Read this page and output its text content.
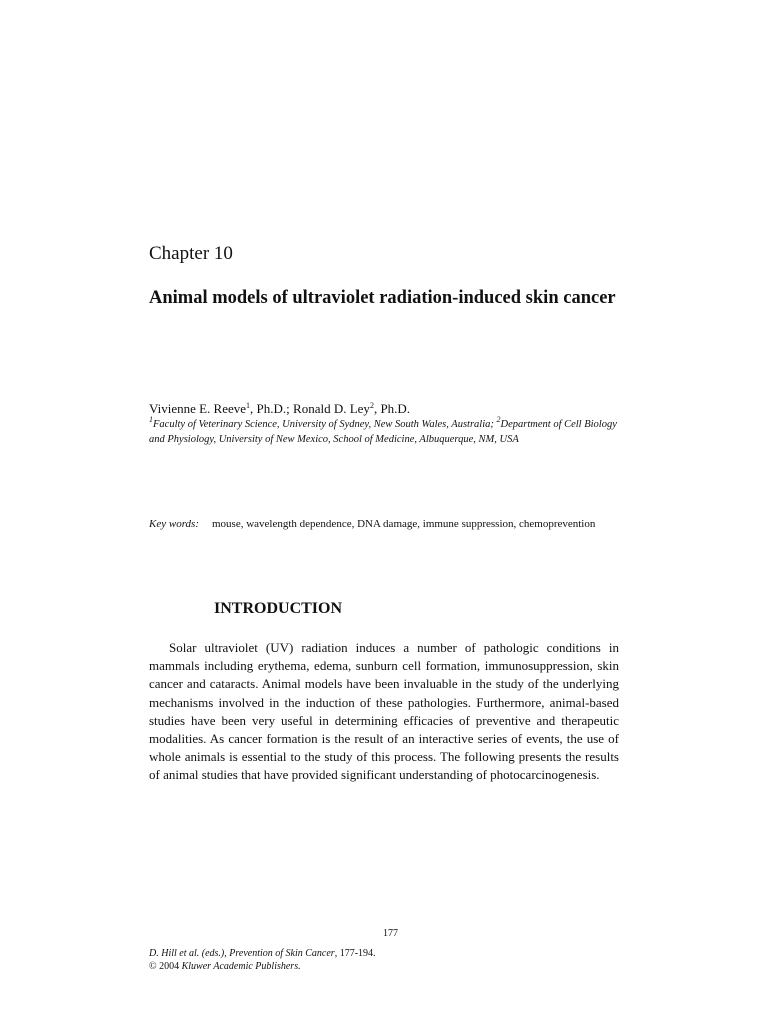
Chapter 10
Animal models of ultraviolet radiation-induced skin cancer
Vivienne E. Reeve$^1$, Ph.D.; Ronald D. Ley$^2$, Ph.D.
$^1$Faculty of Veterinary Science, University of Sydney, New South Wales, Australia; $^2$Department of Cell Biology and Physiology, University of New Mexico, School of Medicine, Albuquerque, NM, USA
Key words:	mouse, wavelength dependence, DNA damage, immune suppression, chemoprevention
INTRODUCTION

Solar ultraviolet (UV) radiation induces a number of pathologic conditions in mammals including erythema, edema, sunburn cell formation, immunosuppression, skin cancer and cataracts. Animal models have been invaluable in the study of the underlying mechanisms involved in the induction of these pathologies. Furthermore, animal-based studies have been very useful in determining efficacies of preventive and therapeutic modalities. As cancer formation is the result of an interactive series of events, the use of whole animals is essential to the study of this process. The following presents the results of animal studies that have provided significant understanding of photocarcinogenesis.

177
D. Hill et al. (eds.), Prevention of Skin Cancer, 177-194.
© 2004 Kluwer Academic Publishers.
